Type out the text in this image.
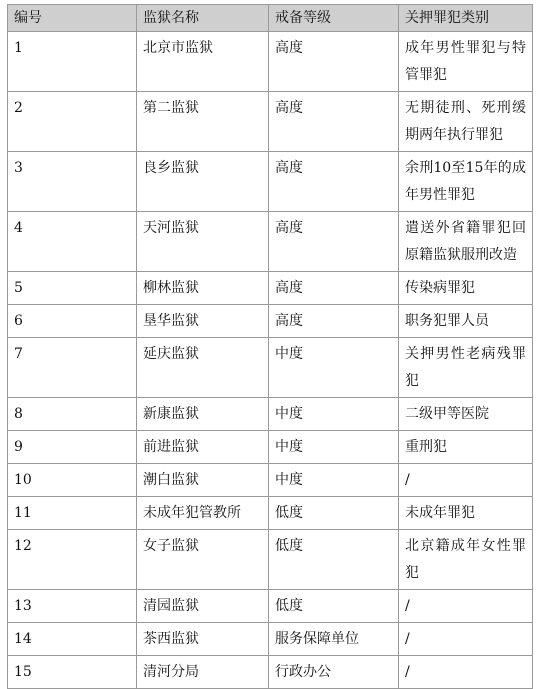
编号	监狱名称	戒备等级	关押罪犯类别
1	北京市监狱	高度	成年男性罪犯与特管罪犯
2	第二监狱	高度	无期徒刑、死刑缓期两年执行罪犯
3	良乡监狱	高度	余刑10至15年的成年男性罪犯
4	天河监狱	高度	遣送外省籍罪犯回原籍监狱服刑改造
5	柳林监狱	高度	传染病罪犯
6	垦华监狱	高度	职务犯罪人员
7	延庆监狱	中度	关押男性老病残罪犯
8	新康监狱	中度	二级甲等医院
9	前进监狱	中度	重刑犯
10	潮白监狱	中度	/
11	未成年犯管教所	低度	未成年罪犯
12	女子监狱	低度	北京籍成年女性罪犯
13	清园监狱	低度	/
14	茶西监狱	服务保障单位	/
15	清河分局	行政办公	/
